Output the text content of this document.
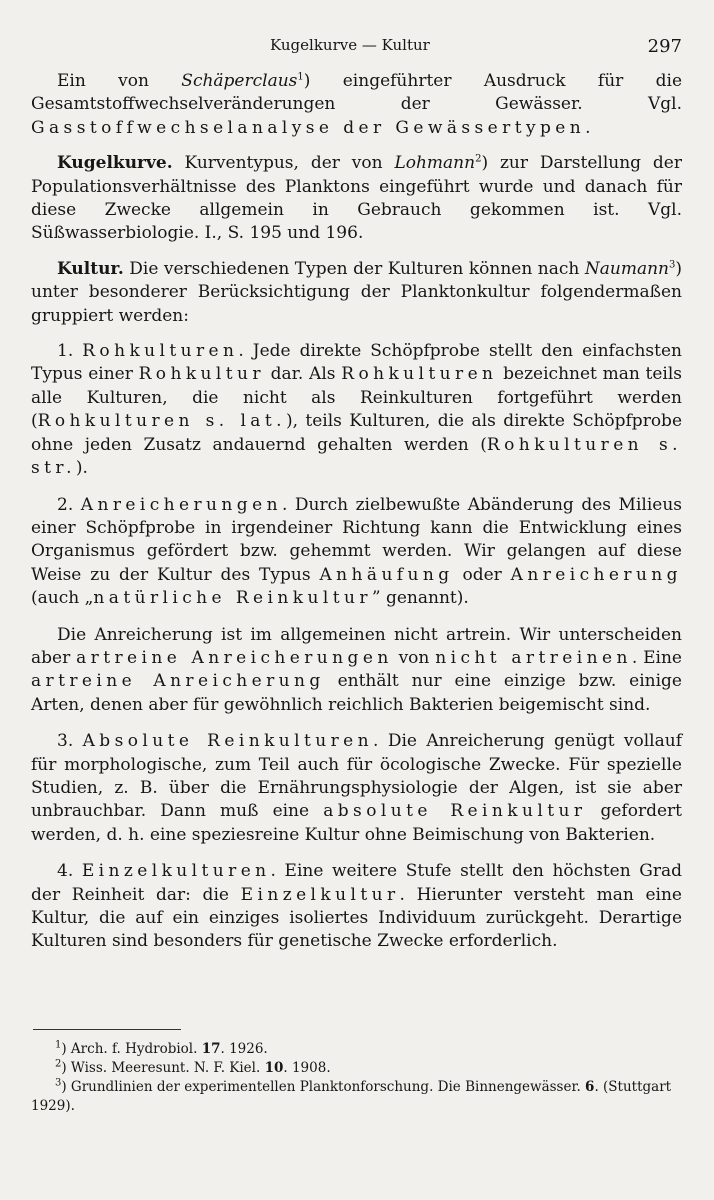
Kugelkurve — Kultur	297

Ein von Schäperclaus$^1$) eingeführter Ausdruck für die Gesamtstoffwechselveränderungen der Gewässer. Vgl. Gasstoffwechselanalyse der Gewässertypen.

Kugelkurve. Kurventypus, der von Lohmann$^2$) zur Darstellung der Populationsverhältnisse des Planktons eingeführt wurde und danach für diese Zwecke allgemein in Gebrauch gekommen ist. Vgl. Süßwasserbiologie. I., S. 195 und 196.

Kultur. Die verschiedenen Typen der Kulturen können nach Naumann$^3$) unter besonderer Berücksichtigung der Planktonkultur folgendermaßen gruppiert werden:

1. Rohkulturen. Jede direkte Schöpfprobe stellt den einfachsten Typus einer Rohkultur dar. Als Rohkulturen bezeichnet man teils alle Kulturen, die nicht als Reinkulturen fortgeführt werden (Rohkulturen s. lat.), teils Kulturen, die als direkte Schöpfprobe ohne jeden Zusatz andauernd gehalten werden (Rohkulturen s. str.).

2. Anreicherungen. Durch zielbewußte Abänderung des Milieus einer Schöpfprobe in irgendeiner Richtung kann die Entwicklung eines Organismus gefördert bzw. gehemmt werden. Wir gelangen auf diese Weise zu der Kultur des Typus Anhäufung oder Anreicherung (auch „natürliche Reinkultur” genannt).

Die Anreicherung ist im allgemeinen nicht artrein. Wir unterscheiden aber artreine Anreicherungen von nicht artreinen. Eine artreine Anreicherung enthält nur eine einzige bzw. einige Arten, denen aber für gewöhnlich reichlich Bakterien beigemischt sind.

3. Absolute Reinkulturen. Die Anreicherung genügt vollauf für morphologische, zum Teil auch für öcologische Zwecke. Für spezielle Studien, z. B. über die Ernährungsphysiologie der Algen, ist sie aber unbrauchbar. Dann muß eine absolute Reinkultur gefordert werden, d. h. eine speziesreine Kultur ohne Beimischung von Bakterien.

4. Einzelkulturen. Eine weitere Stufe stellt den höchsten Grad der Reinheit dar: die Einzelkultur. Hierunter versteht man eine Kultur, die auf ein einziges isoliertes Individuum zurückgeht. Derartige Kulturen sind besonders für genetische Zwecke erforderlich.

$^1$) Arch. f. Hydrobiol. 17. 1926.

$^2$) Wiss. Meeresunt. N. F. Kiel. 10. 1908.

$^3$) Grundlinien der experimentellen Planktonforschung. Die Binnengewässer. 6. (Stuttgart 1929).
